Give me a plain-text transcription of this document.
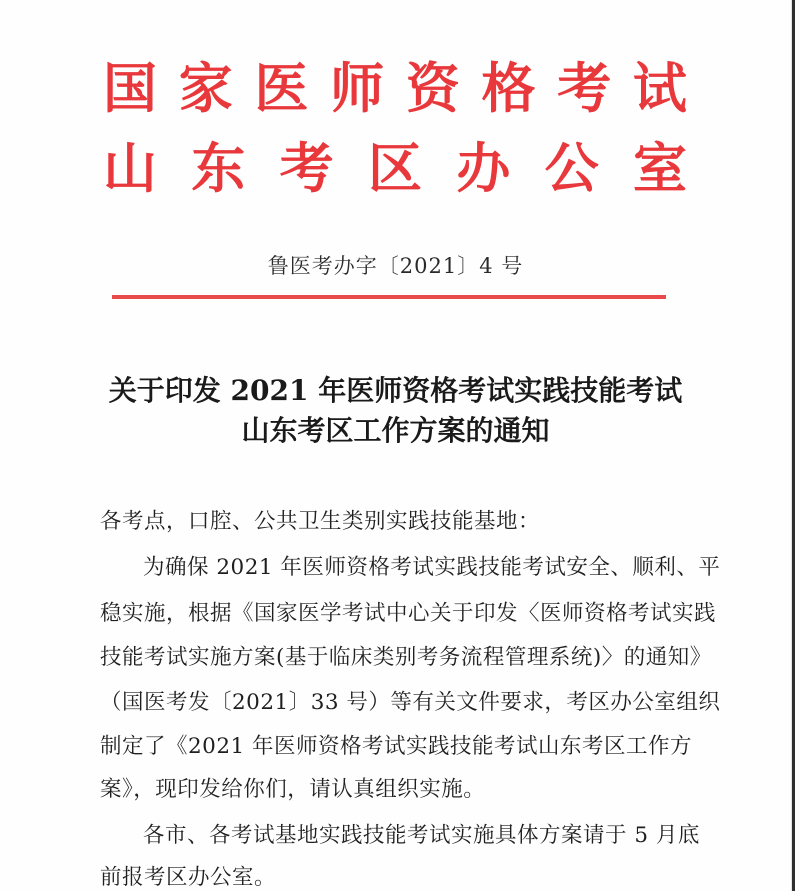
国 家 医 师 资 格 考 试
山 东 考 区 办 公 室
鲁医考办字〔2021〕4 号
关于印发 2021 年医师资格考试实践技能考试
山东考区工作方案的通知
各考点，口腔、公共卫生类别实践技能基地：
为确保 2021 年医师资格考试实践技能考试安全、顺利、平
稳实施，根据《国家医学考试中心关于印发〈医师资格考试实践
技能考试实施方案(基于临床类别考务流程管理系统)〉的通知》
（国医考发〔2021〕33 号）等有关文件要求，考区办公室组织
制定了《2021 年医师资格考试实践技能考试山东考区工作方
案》，现印发给你们，请认真组织实施。
各市、各考试基地实践技能考试实施具体方案请于 5 月底
前报考区办公室。
